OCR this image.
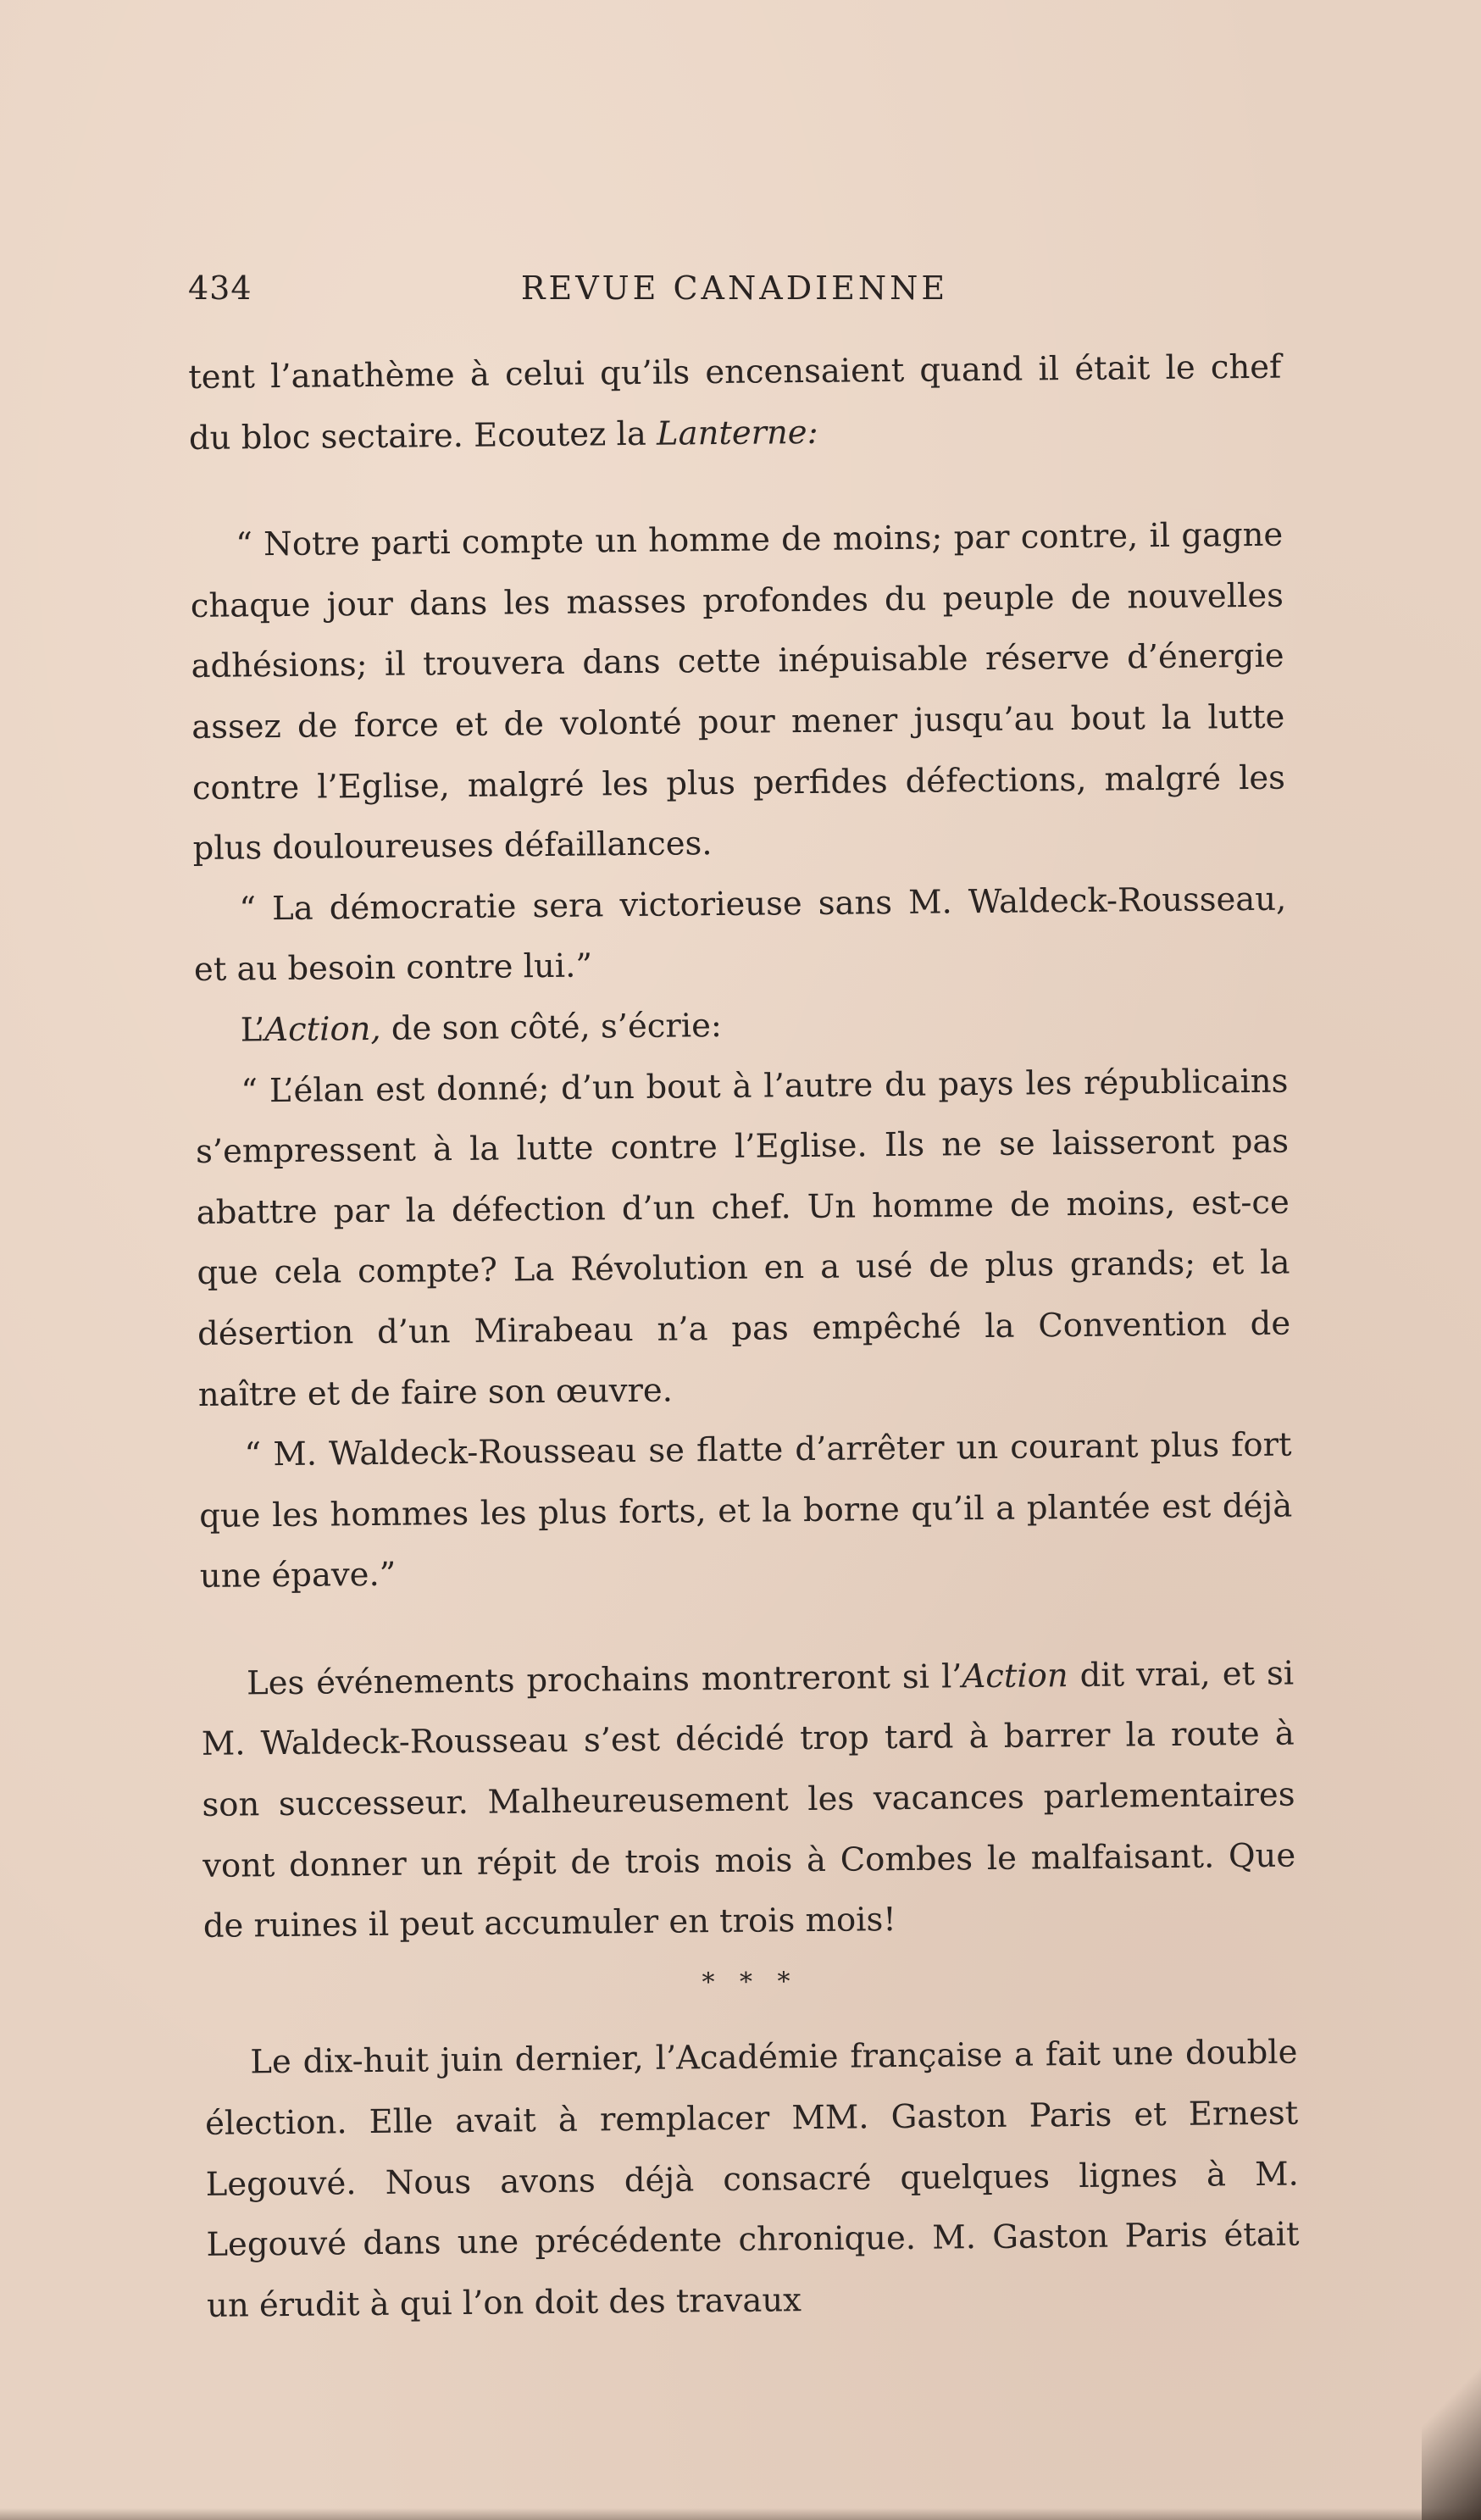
434	REVUE CANADIENNE

tent l’anathème à celui qu’ils encensaient quand il était le chef du bloc sectaire. Ecoutez la Lanterne:

“ Notre parti compte un homme de moins; par contre, il gagne chaque jour dans les masses profondes du peuple de nouvelles adhésions; il trouvera dans cette inépuisable réserve d’énergie assez de force et de volonté pour mener jusqu’au bout la lutte contre l’Eglise, malgré les plus perfides défections, malgré les plus douloureuses défaillances.

“ La démocratie sera victorieuse sans M. Waldeck-Rousseau, et au besoin contre lui.”

L’Action, de son côté, s’écrie:

“ L’élan est donné; d’un bout à l’autre du pays les républicains s’empressent à la lutte contre l’Eglise. Ils ne se laisseront pas abattre par la défection d’un chef. Un homme de moins, est-ce que cela compte? La Révolution en a usé de plus grands; et la désertion d’un Mirabeau n’a pas empêché la Convention de naître et de faire son œuvre.

“ M. Waldeck-Rousseau se flatte d’arrêter un courant plus fort que les hommes les plus forts, et la borne qu’il a plantée est déjà une épave.”

Les événements prochains montreront si l’Action dit vrai, et si M. Waldeck-Rousseau s’est décidé trop tard à barrer la route à son successeur. Malheureusement les vacances parlementaires vont donner un répit de trois mois à Combes le malfaisant. Que de ruines il peut accumuler en trois mois!

* * *

Le dix-huit juin dernier, l’Académie française a fait une double élection. Elle avait à remplacer MM. Gaston Paris et Ernest Legouvé. Nous avons déjà consacré quelques lignes à M. Legouvé dans une précédente chronique. M. Gaston Paris était un érudit à qui l’on doit des travaux
